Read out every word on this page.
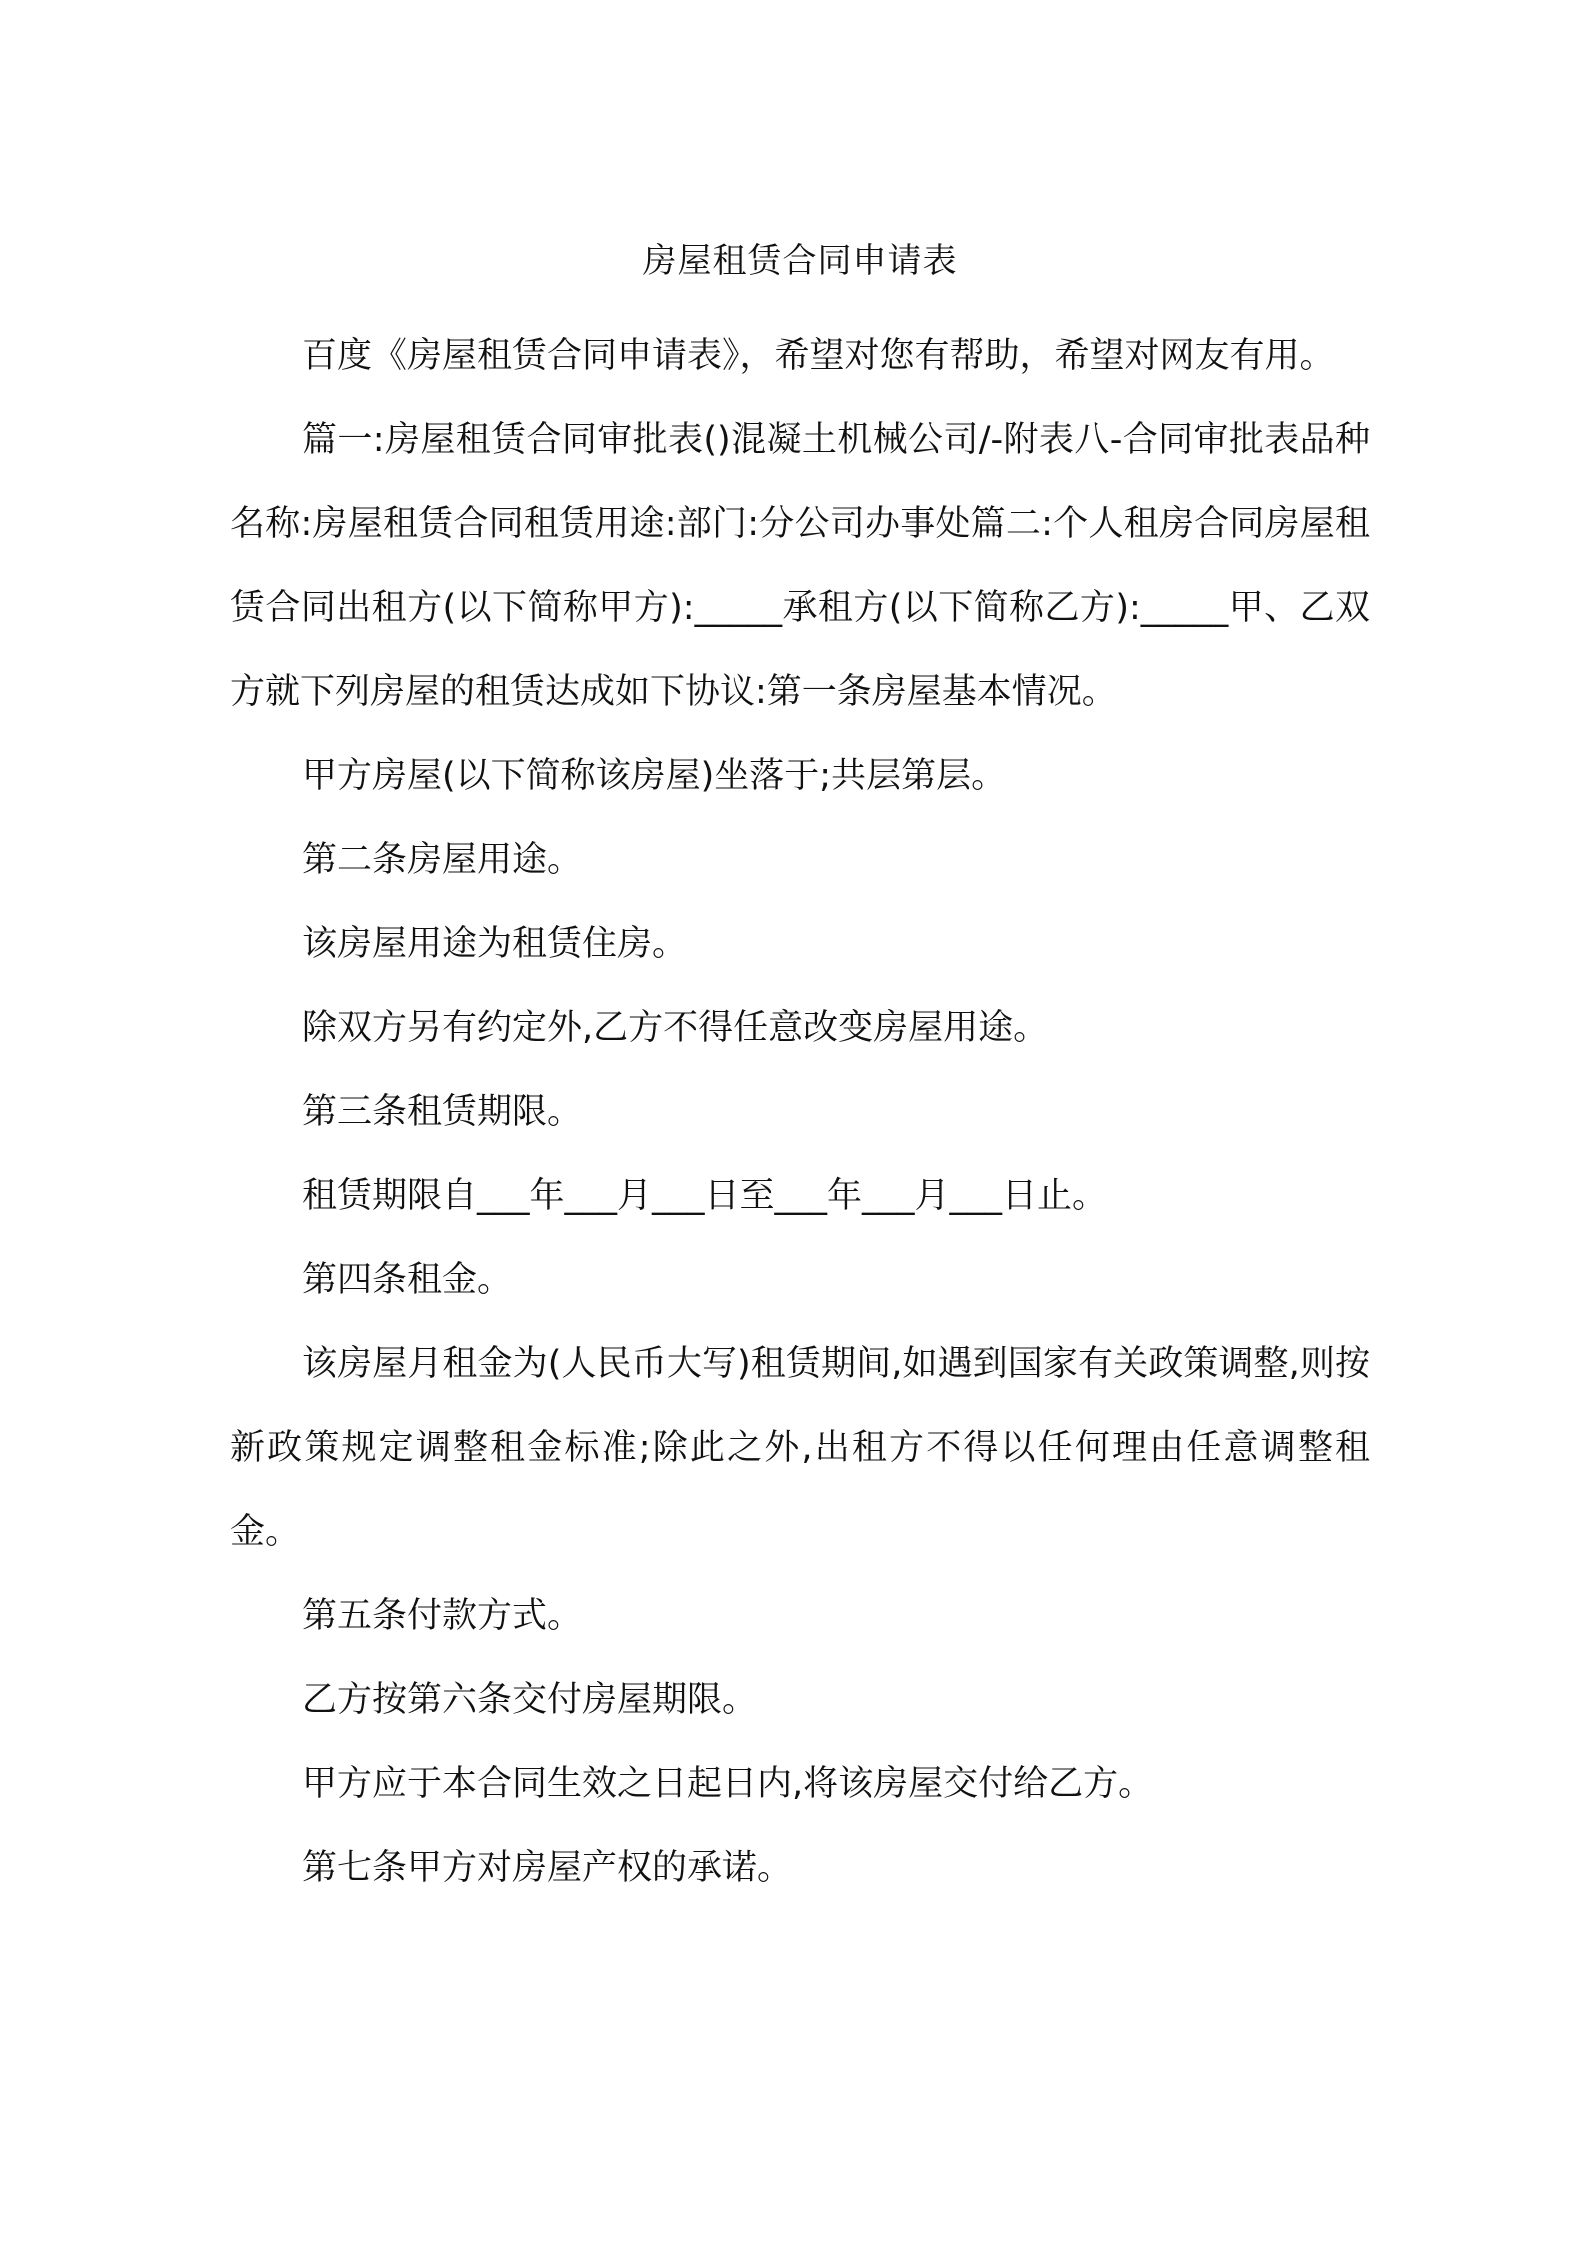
房屋租赁合同申请表

百度《房屋租赁合同申请表》，希望对您有帮助，希望对网友有用。

篇一:房屋租赁合同审批表()混凝土机械公司/-附表八-合同审批表品种名称:房屋租赁合同租赁用途:部门:分公司办事处篇二:个人租房合同房屋租赁合同出租方(以下简称甲方):_____承租方(以下简称乙方):_____甲、乙双方就下列房屋的租赁达成如下协议:第一条房屋基本情况。

甲方房屋(以下简称该房屋)坐落于;共层第层。

第二条房屋用途。

该房屋用途为租赁住房。

除双方另有约定外,乙方不得任意改变房屋用途。

第三条租赁期限。

租赁期限自___年___月___日至___年___月___日止。

第四条租金。

该房屋月租金为(人民币大写)租赁期间,如遇到国家有关政策调整,则按新政策规定调整租金标准;除此之外,出租方不得以任何理由任意调整租金。

第五条付款方式。

乙方按第六条交付房屋期限。

甲方应于本合同生效之日起日内,将该房屋交付给乙方。

第七条甲方对房屋产权的承诺。
